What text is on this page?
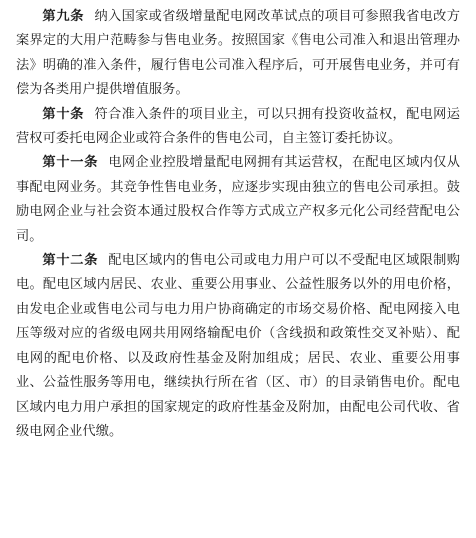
第九条 纳入国家或省级增量配电网改革试点的项目可参照我省电改方案界定的大用户范畴参与售电业务。按照国家《售电公司准入和退出管理办法》明确的准入条件，履行售电公司准入程序后，可开展售电业务，并可有偿为各类用户提供增值服务。

第十条 符合准入条件的项目业主，可以只拥有投资收益权，配电网运营权可委托电网企业或符合条件的售电公司，自主签订委托协议。

第十一条 电网企业控股增量配电网拥有其运营权，在配电区域内仅从事配电网业务。其竞争性售电业务，应逐步实现由独立的售电公司承担。鼓励电网企业与社会资本通过股权合作等方式成立产权多元化公司经营配电公司。

第十二条 配电区域内的售电公司或电力用户可以不受配电区域限制购电。配电区域内居民、农业、重要公用事业、公益性服务以外的用电价格，由发电企业或售电公司与电力用户协商确定的市场交易价格、配电网接入电压等级对应的省级电网共用网络输配电价（含线损和政策性交叉补贴）、配电网的配电价格、以及政府性基金及附加组成；居民、农业、重要公用事业、公益性服务等用电，继续执行所在省（区、市）的目录销售电价。配电区域内电力用户承担的国家规定的政府性基金及附加，由配电公司代收、省级电网企业代缴。
